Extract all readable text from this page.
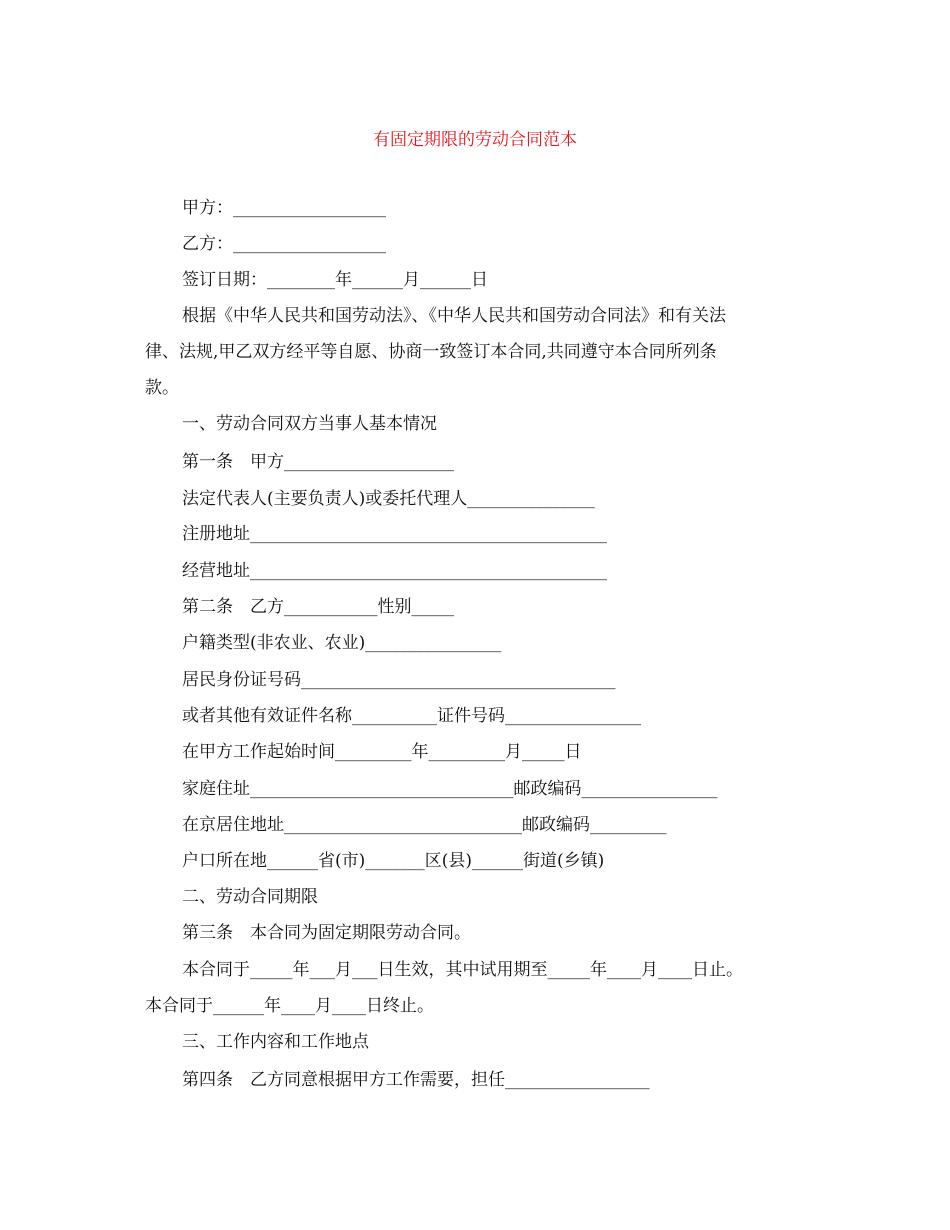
有固定期限的劳动合同范本

甲方：__________________

乙方：__________________

签订日期：________年______月______日

根据《中华人民共和国劳动法》、《中华人民共和国劳动合同法》和有关法

律、法规,甲乙双方经平等自愿、协商一致签订本合同,共同遵守本合同所列条

款。

一、劳动合同双方当事人基本情况

第一条　甲方____________________

法定代表人(主要负责人)或委托代理人_______________

注册地址__________________________________________

经营地址__________________________________________

第二条　乙方___________性别_____

户籍类型(非农业、农业)________________

居民身份证号码_____________________________________

或者其他有效证件名称__________证件号码________________

在甲方工作起始时间_________年_________月_____日

家庭住址_______________________________邮政编码________________

在京居住地址____________________________邮政编码_________

户口所在地______省(市)_______区(县)______街道(乡镇)

二、劳动合同期限

第三条　本合同为固定期限劳动合同。

本合同于_____年___月___日生效，其中试用期至_____年____月____日止。

本合同于______年____月____日终止。

三、工作内容和工作地点

第四条　乙方同意根据甲方工作需要，担任_________________
